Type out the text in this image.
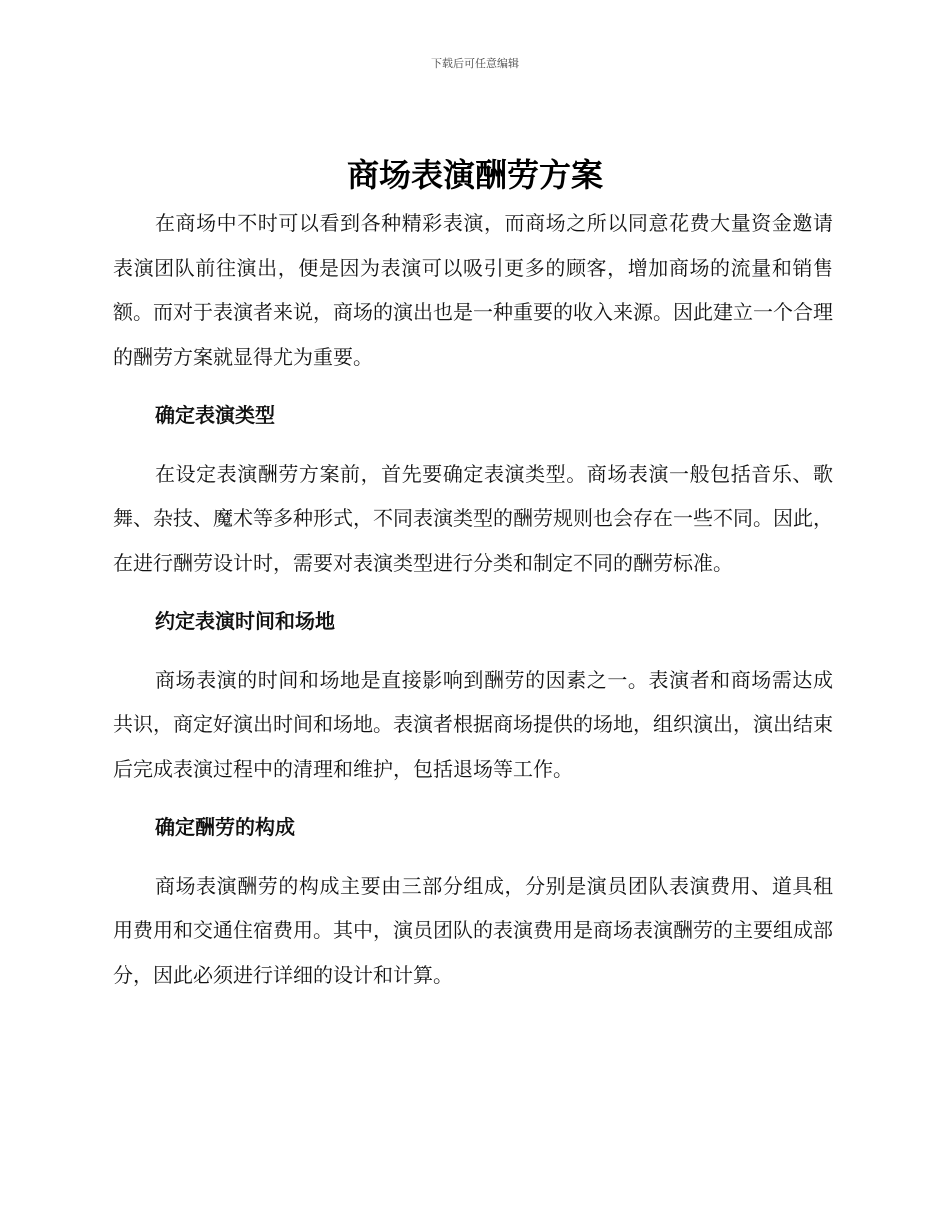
下载后可任意编辑
商场表演酬劳方案

在商场中不时可以看到各种精彩表演，而商场之所以同意花费大量资金邀请表演团队前往演出，便是因为表演可以吸引更多的顾客，增加商场的流量和销售额。而对于表演者来说，商场的演出也是一种重要的收入来源。因此建立一个合理的酬劳方案就显得尤为重要。

确定表演类型

在设定表演酬劳方案前，首先要确定表演类型。商场表演一般包括音乐、歌舞、杂技、魔术等多种形式，不同表演类型的酬劳规则也会存在一些不同。因此，在进行酬劳设计时，需要对表演类型进行分类和制定不同的酬劳标准。

约定表演时间和场地

商场表演的时间和场地是直接影响到酬劳的因素之一。表演者和商场需达成共识，商定好演出时间和场地。表演者根据商场提供的场地，组织演出，演出结束后完成表演过程中的清理和维护，包括退场等工作。

确定酬劳的构成

商场表演酬劳的构成主要由三部分组成，分别是演员团队表演费用、道具租用费用和交通住宿费用。其中，演员团队的表演费用是商场表演酬劳的主要组成部分，因此必须进行详细的设计和计算。
